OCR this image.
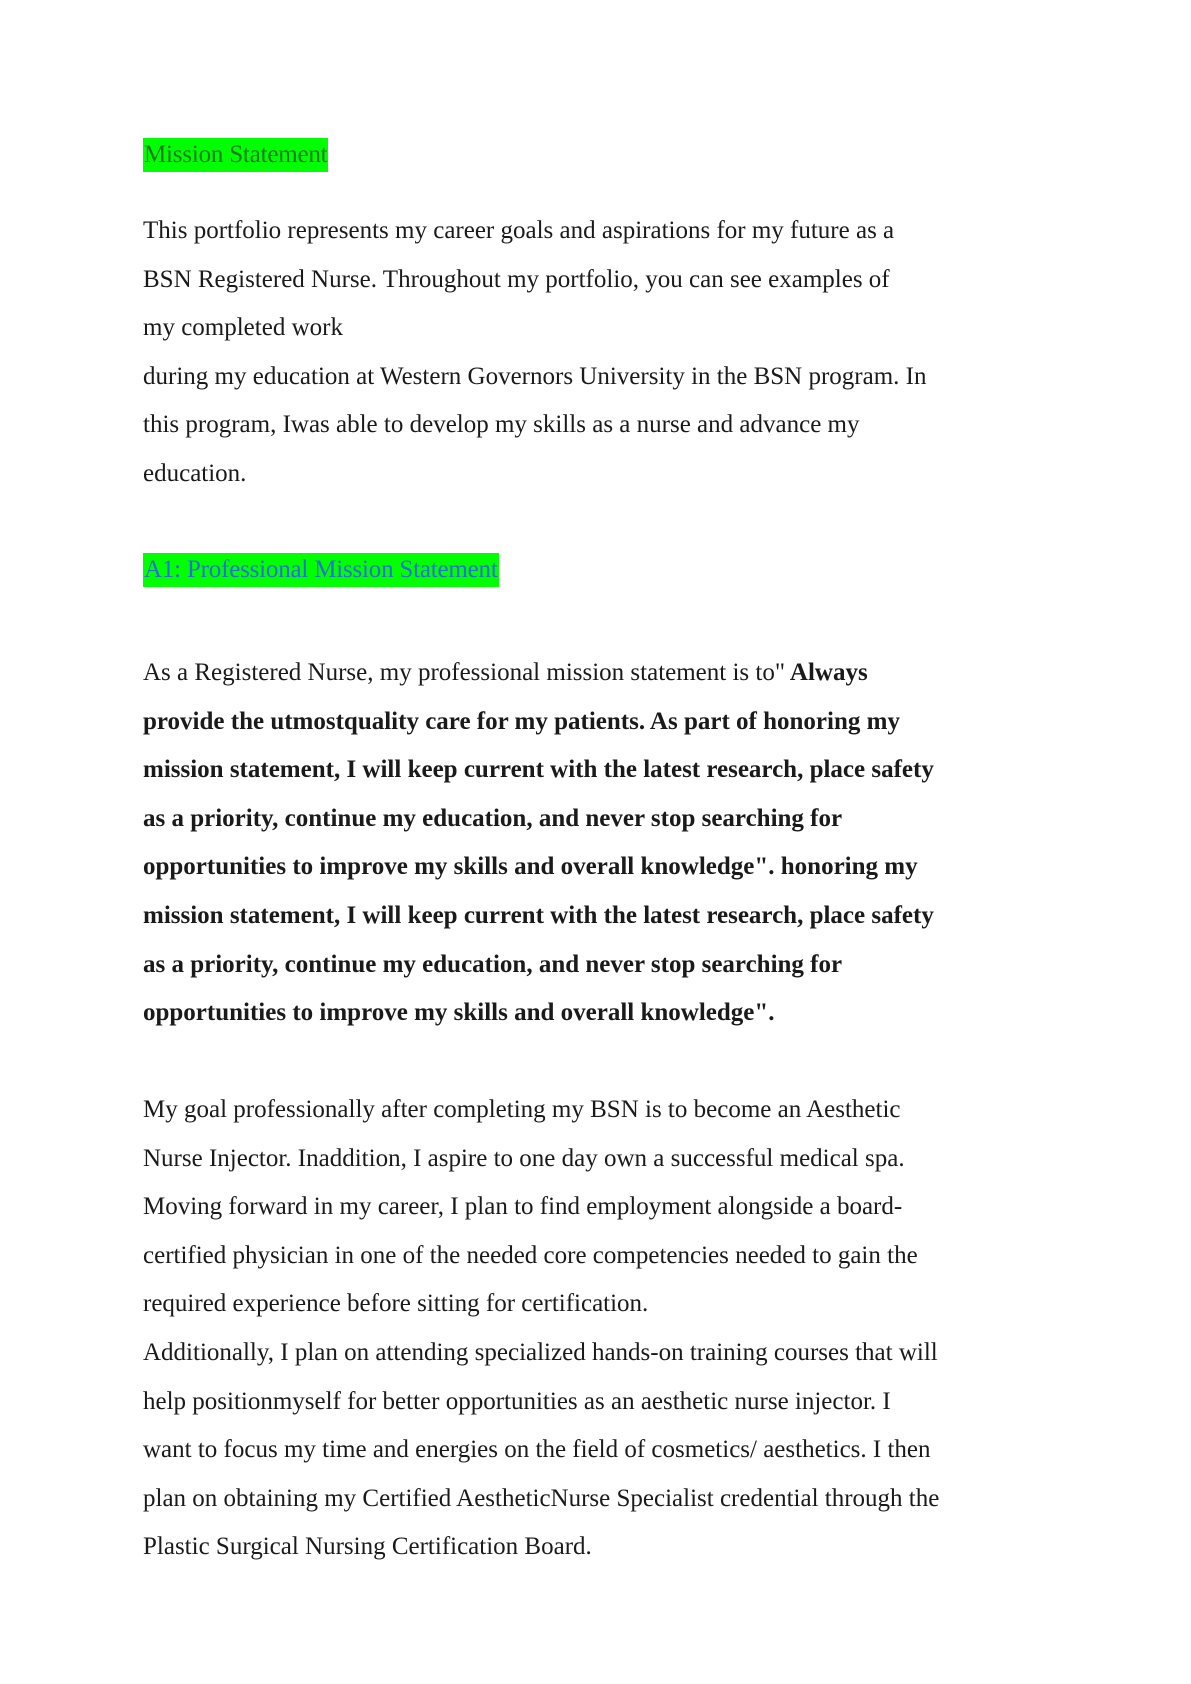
Mission Statement

This portfolio represents my career goals and aspirations for my future as a
BSN Registered Nurse. Throughout my portfolio, you can see examples of
my completed work
during my education at Western Governors University in the BSN program. In
this program, Iwas able to develop my skills as a nurse and advance my
education.

A1: Professional Mission Statement

As a Registered Nurse, my professional mission statement is to" Always
provide the utmostquality care for my patients. As part of honoring my
mission statement, I will keep current with the latest research, place safety
as a priority, continue my education, and never stop searching for
opportunities to improve my skills and overall knowledge". honoring my
mission statement, I will keep current with the latest research, place safety
as a priority, continue my education, and never stop searching for
opportunities to improve my skills and overall knowledge".

My goal professionally after completing my BSN is to become an Aesthetic
Nurse Injector. Inaddition, I aspire to one day own a successful medical spa.
Moving forward in my career, I plan to find employment alongside a board-
certified physician in one of the needed core competencies needed to gain the
required experience before sitting for certification.
Additionally, I plan on attending specialized hands-on training courses that will
help positionmyself for better opportunities as an aesthetic nurse injector. I
want to focus my time and energies on the field of cosmetics/ aesthetics. I then
plan on obtaining my Certified AestheticNurse Specialist credential through the
Plastic Surgical Nursing Certification Board.
